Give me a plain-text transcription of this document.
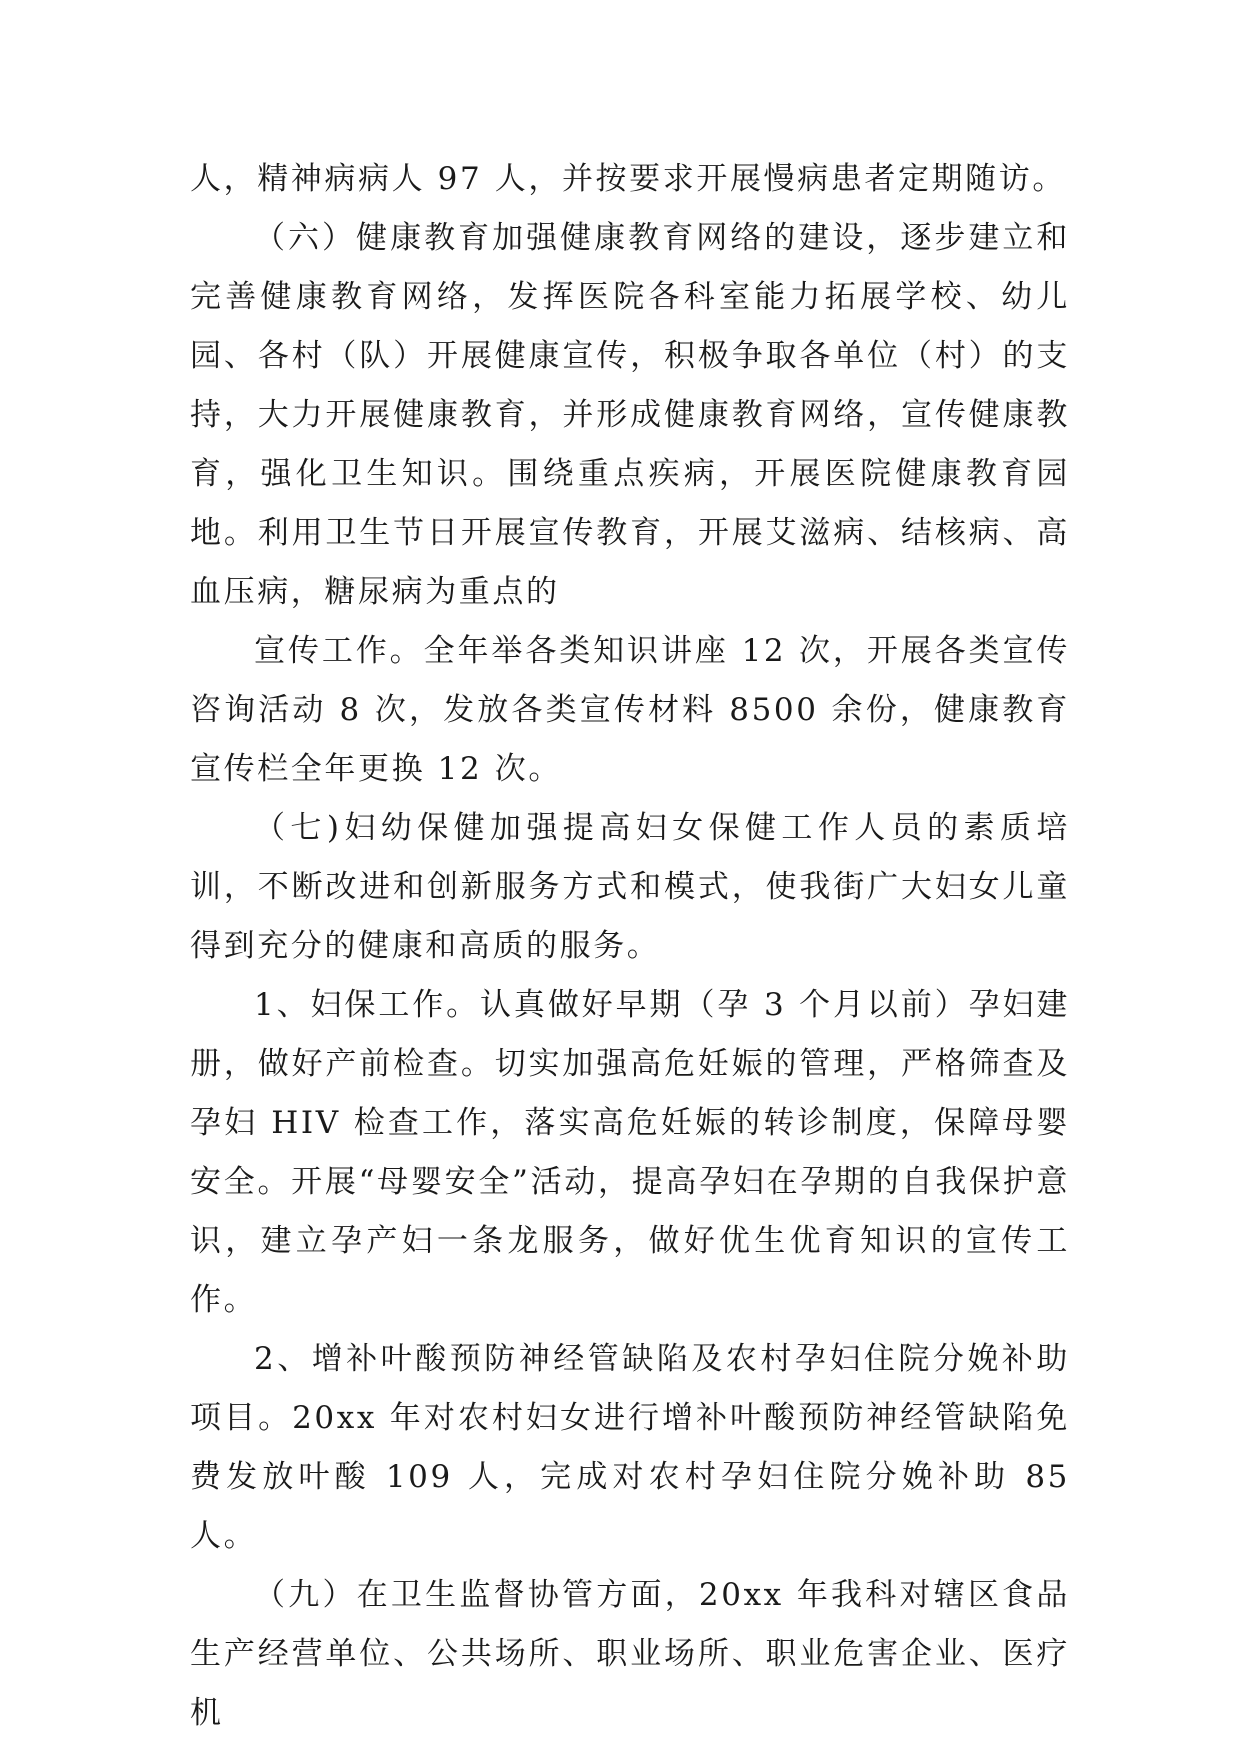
人，精神病病人 97 人，并按要求开展慢病患者定期随访。

（六）健康教育加强健康教育网络的建设，逐步建立和完善健康教育网络，发挥医院各科室能力拓展学校、幼儿园、各村（队）开展健康宣传，积极争取各单位（村）的支持，大力开展健康教育，并形成健康教育网络，宣传健康教育，强化卫生知识。围绕重点疾病，开展医院健康教育园地。利用卫生节日开展宣传教育，开展艾滋病、结核病、高血压病，糖尿病为重点的

宣传工作。全年举各类知识讲座 12 次，开展各类宣传咨询活动 8 次，发放各类宣传材料 8500 余份，健康教育宣传栏全年更换 12 次。

（七)妇幼保健加强提高妇女保健工作人员的素质培训，不断改进和创新服务方式和模式，使我街广大妇女儿童得到充分的健康和高质的服务。

1、妇保工作。认真做好早期（孕 3 个月以前）孕妇建册，做好产前检查。切实加强高危妊娠的管理，严格筛查及孕妇 HIV 检查工作，落实高危妊娠的转诊制度，保障母婴安全。开展“母婴安全”活动，提高孕妇在孕期的自我保护意识，建立孕产妇一条龙服务，做好优生优育知识的宣传工作。

2、增补叶酸预防神经管缺陷及农村孕妇住院分娩补助项目。20xx 年对农村妇女进行增补叶酸预防神经管缺陷免费发放叶酸 109 人，完成对农村孕妇住院分娩补助 85 人。

（九）在卫生监督协管方面，20xx 年我科对辖区食品生产经营单位、公共场所、职业场所、职业危害企业、医疗机
